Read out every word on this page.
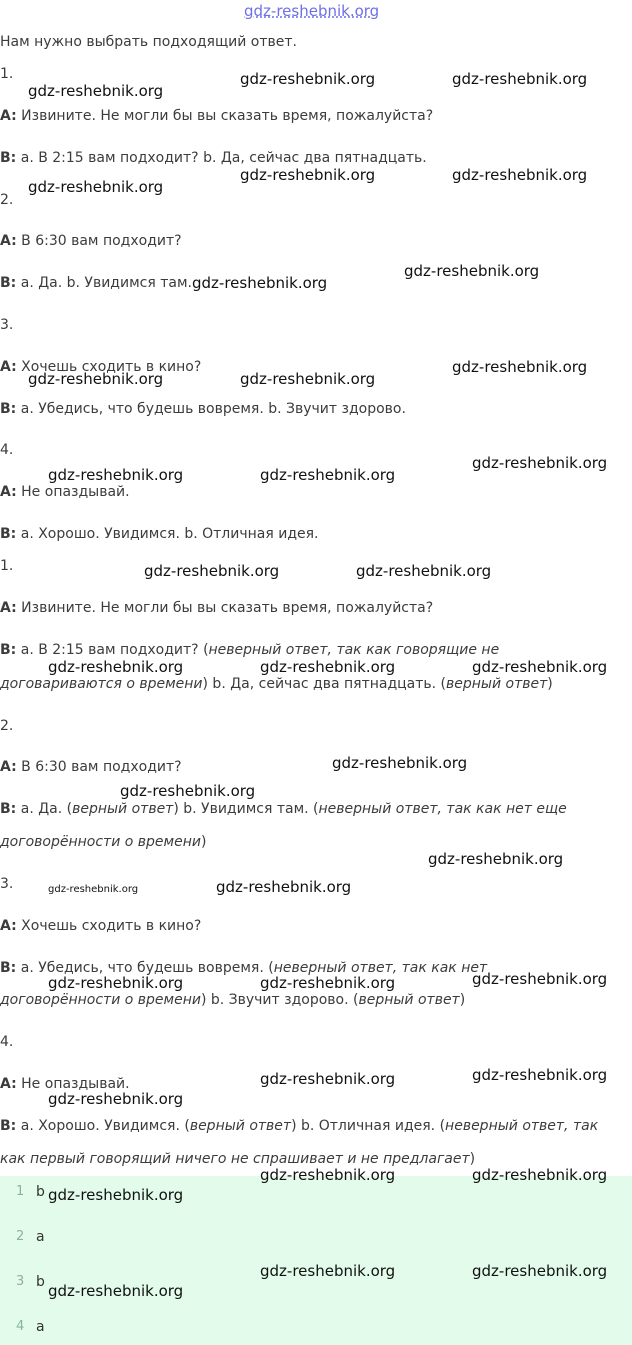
gdz-reshebnik.org
Нам нужно выбрать подходящий ответ.
1.
A: Извините. Не могли бы вы сказать время, пожалуйста?
B: a. В 2:15 вам подходит? b. Да, сейчас два пятнадцать.
2.
A: В 6:30 вам подходит?
B: a. Да. b. Увидимся там.
3.
A: Хочешь сходить в кино?
B: a. Убедись, что будешь вовремя. b. Звучит здорово.
4.
A: Не опаздывай.
B: a. Хорошо. Увидимся. b. Отличная идея.
1.
A: Извините. Не могли бы вы сказать время, пожалуйста?
B: a. В 2:15 вам подходит? (неверный ответ, так как говорящие не
договариваются о времени) b. Да, сейчас два пятнадцать. (верный ответ)
2.
A: В 6:30 вам подходит?
B: a. Да. (верный ответ) b. Увидимся там. (неверный ответ, так как нет еще
договорённости о времени)
3.
A: Хочешь сходить в кино?
B: a. Убедись, что будешь вовремя. (неверный ответ, так как нет
договорённости о времени) b. Звучит здорово. (верный ответ)
4.
A: Не опаздывай.
B: a. Хорошо. Увидимся. (верный ответ) b. Отличная идея. (неверный ответ, так
как первый говорящий ничего не спрашивает и не предлагает)
1 b
2 a
3 b
4 a
gdz-reshebnik.org
gdz-reshebnik.org	gdz-reshebnik.org
gdz-reshebnik.org
gdz-reshebnik.org	gdz-reshebnik.org
gdz-reshebnik.org
gdz-reshebnik.org
gdz-reshebnik.org	gdz-reshebnik.org
gdz-reshebnik.org
gdz-reshebnik.org	gdz-reshebnik.org
gdz-reshebnik.org
gdz-reshebnik.org	gdz-reshebnik.org
gdz-reshebnik.org	gdz-reshebnik.org	gdz-reshebnik.org
gdz-reshebnik.org
gdz-reshebnik.org
gdz-reshebnik.org
gdz-reshebnik.org	gdz-reshebnik.org
gdz-reshebnik.org	gdz-reshebnik.org	gdz-reshebnik.org
gdz-reshebnik.org	gdz-reshebnik.org
gdz-reshebnik.org
gdz-reshebnik.org	gdz-reshebnik.org
gdz-reshebnik.org
gdz-reshebnik.org	gdz-reshebnik.org
gdz-reshebnik.org
